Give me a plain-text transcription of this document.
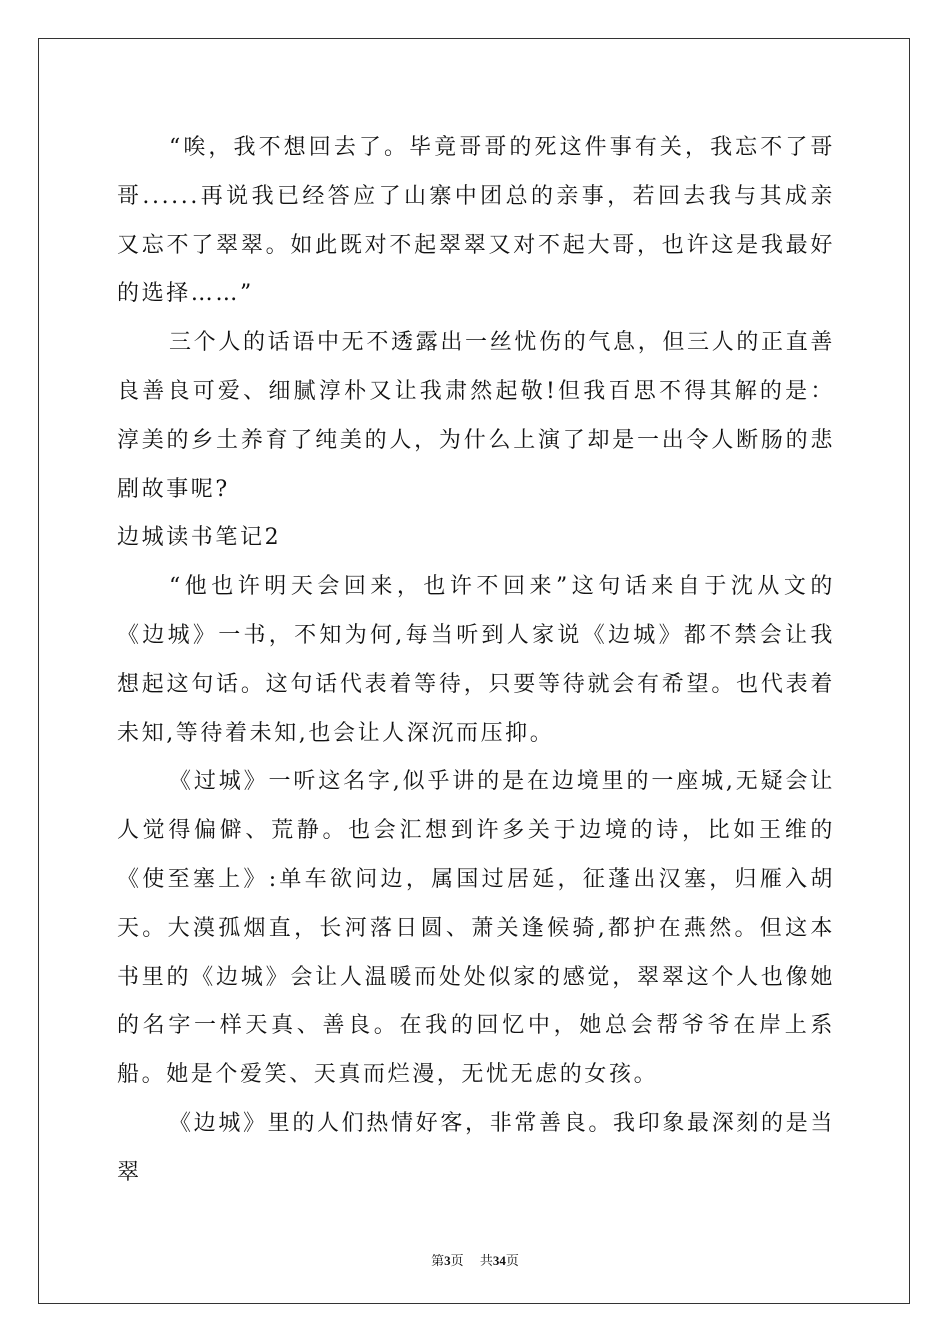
“唉，我不想回去了。毕竟哥哥的死这件事有关，我忘不了哥哥......再说我已经答应了山寨中团总的亲事，若回去我与其成亲又忘不了翠翠。如此既对不起翠翠又对不起大哥，也许这是我最好的选择……”

三个人的话语中无不透露出一丝忧伤的气息，但三人的正直善良善良可爱、细腻淳朴又让我肃然起敬!但我百思不得其解的是：淳美的乡土养育了纯美的人，为什么上演了却是一出令人断肠的悲剧故事呢?

边城读书笔记2

“他也许明天会回来，也许不回来”这句话来自于沈从文的《边城》一书，不知为何,每当听到人家说《边城》都不禁会让我想起这句话。这句话代表着等待，只要等待就会有希望。也代表着未知,等待着未知,也会让人深沉而压抑。

《过城》一听这名字,似乎讲的是在边境里的一座城,无疑会让人觉得偏僻、荒静。也会汇想到许多关于边境的诗，比如王维的《使至塞上》:单车欲问边，属国过居延，征蓬出汉塞，归雁入胡天。大漠孤烟直，长河落日圆、萧关逢候骑,都护在燕然。但这本书里的《边城》会让人温暖而处处似家的感觉，翠翠这个人也像她的名字一样天真、善良。在我的回忆中，她总会帮爷爷在岸上系船。她是个爱笑、天真而烂漫，无忧无虑的女孩。

《边城》里的人们热情好客，非常善良。我印象最深刻的是当翠

第3页 共34页
